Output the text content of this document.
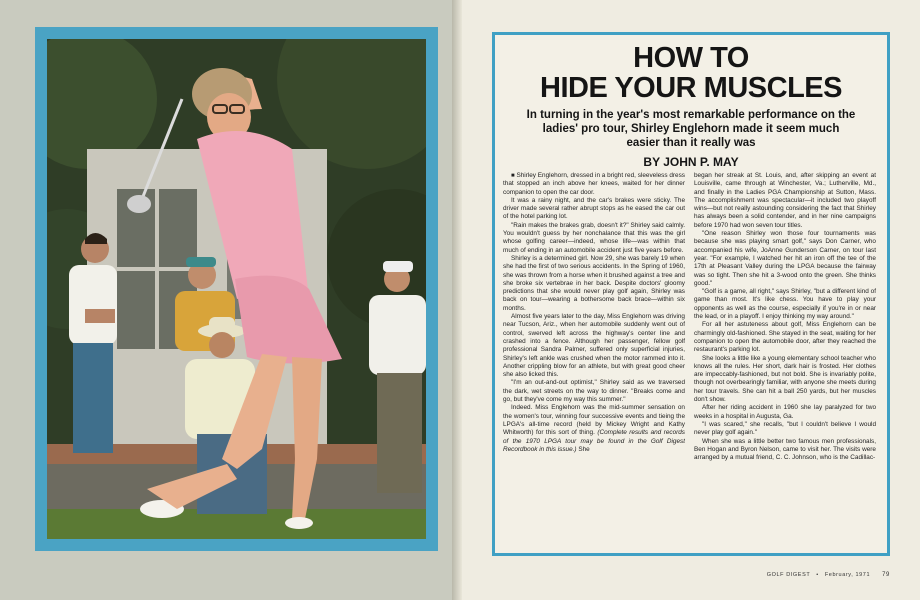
HOW TO
HIDE YOUR MUSCLES
In turning in the year's most remarkable performance on the ladies' pro tour, Shirley Englehorn made it seem much easier than it really was
BY JOHN P. MAY

■ Shirley Englehorn, dressed in a bright red, sleeveless dress that stopped an inch above her knees, waited for her dinner companion to open the car door.

It was a rainy night, and the car's brakes were sticky. The driver made several rather abrupt stops as he eased the car out of the hotel parking lot.

"Rain makes the brakes grab, doesn't it?" Shirley said calmly. You wouldn't guess by her nonchalance that this was the girl whose golfing career—indeed, whose life—was within that much of ending in an automobile accident just five years before.

Shirley is a determined girl. Now 29, she was barely 19 when she had the first of two serious accidents. In the Spring of 1960, she was thrown from a horse when it brushed against a tree and she broke six vertebrae in her back. Despite doctors' gloomy predictions that she would never play golf again, Shirley was back on tour—wearing a bothersome back brace—within six months.

Almost five years later to the day, Miss Englehorn was driving near Tucson, Ariz., when her automobile suddenly went out of control, swerved left across the highway's center line and crashed into a fence. Although her passenger, fellow golf professional Sandra Palmer, suffered only superficial injuries, Shirley's left ankle was crushed when the motor rammed into it. Another crippling blow for an athlete, but with great good cheer she also licked this.

"I'm an out-and-out optimist," Shirley said as we traversed the dark, wet streets on the way to dinner. "Breaks come and go, but they've come my way this summer."

Indeed. Miss Englehorn was the mid-summer sensation on the women's tour, winning four successive events and tieing the LPGA's all-time record (held by Mickey Wright and Kathy Whitworth) for this sort of thing. (Complete results and records of the 1970 LPGA tour may be found in the Golf Digest Recordbook in this issue.) She

began her streak at St. Louis, and, after skipping an event at Louisville, came through at Winchester, Va.; Lutherville, Md., and finally in the Ladies PGA Championship at Sutton, Mass. The accomplishment was spectacular—it included two playoff wins—but not really astounding considering the fact that Shirley has always been a solid contender, and in her nine campaigns before 1970 had won seven tour titles.

"One reason Shirley won those four tournaments was because she was playing smart golf," says Don Carner, who accompanied his wife, JoAnne Gunderson Carner, on tour last year. "For example, I watched her hit an iron off the tee of the 17th at Pleasant Valley during the LPGA because the fairway was so tight. Then she hit a 3-wood onto the green. She thinks good."

"Golf is a game, all right," says Shirley, "but a different kind of game than most. It's like chess. You have to play your opponents as well as the course, especially if you're in or near the lead, or in a playoff. I enjoy thinking my way around."

For all her astuteness about golf, Miss Englehorn can be charmingly old-fashioned. She stayed in the seat, waiting for her companion to open the automobile door, after they reached the restaurant's parking lot.

She looks a little like a young elementary school teacher who knows all the rules. Her short, dark hair is frosted. Her clothes are impeccably-fashioned, but not bold. She is invariably polite, though not overbearingly familiar, with anyone she meets during her tour travels. She can hit a ball 250 yards, but her muscles don't show.

After her riding accident in 1960 she lay paralyzed for two weeks in a hospital in Augusta, Ga.

"I was scared," she recalls, "but I couldn't believe I would never play golf again."

When she was a little better two famous men professionals, Ben Hogan and Byron Nelson, came to visit her. The visits were arranged by a mutual friend, C. C. Johnson, who is the Cadillac-

GOLF DIGEST • February, 1971 79
